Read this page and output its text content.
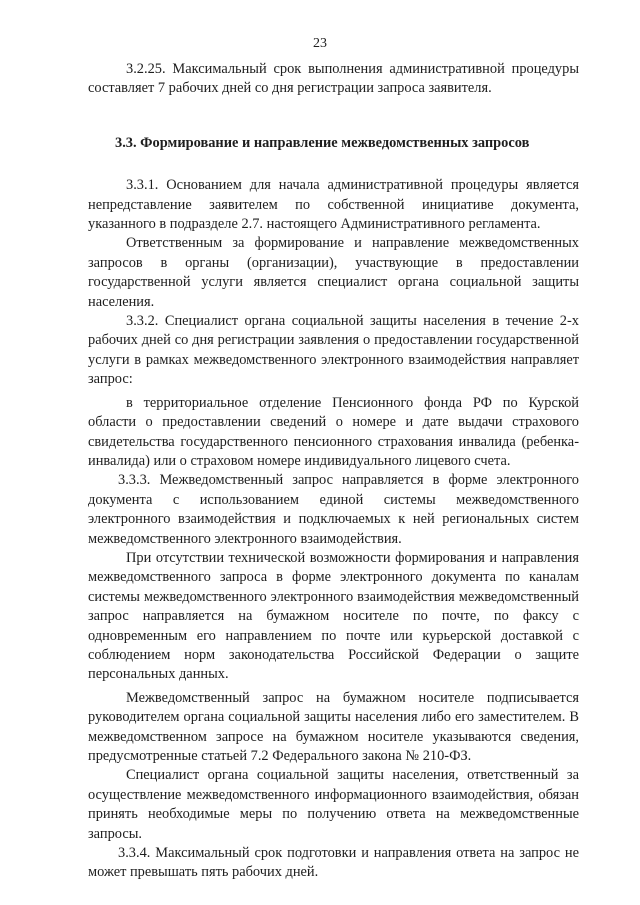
23

3.2.25. Максимальный срок выполнения административной процедуры составляет 7 рабочих дней со дня регистрации запроса заявителя.

3.3. Формирование и направление межведомственных запросов

3.3.1. Основанием для начала административной процедуры является непредставление заявителем по собственной инициативе документа, указанного в подразделе 2.7. настоящего Административного регламента.

Ответственным за формирование и направление межведомственных запросов в органы (организации), участвующие в предоставлении государственной услуги является специалист органа социальной защиты населения.

3.3.2. Специалист органа социальной защиты населения в течение 2-х рабочих дней со дня регистрации заявления о предоставлении государственной услуги в рамках межведомственного электронного взаимодействия направляет запрос:

в территориальное отделение Пенсионного фонда РФ по Курской области о предоставлении сведений о номере и дате выдачи страхового свидетельства государственного пенсионного страхования инвалида (ребенка-инвалида) или о страховом номере индивидуального лицевого счета.

3.3.3. Межведомственный запрос направляется в форме электронного документа с использованием единой системы межведомственного электронного взаимодействия и подключаемых к ней региональных систем межведомственного электронного взаимодействия.

При отсутствии технической возможности формирования и направления межведомственного запроса в форме электронного документа по каналам системы межведомственного электронного взаимодействия межведомственный запрос направляется на бумажном носителе по почте, по факсу с одновременным его направлением по почте или курьерской доставкой с соблюдением норм законодательства Российской Федерации о защите персональных данных.

Межведомственный запрос на бумажном носителе подписывается руководителем органа социальной защиты населения либо его заместителем. В межведомственном запросе на бумажном носителе указываются сведения, предусмотренные статьей 7.2 Федерального закона № 210-ФЗ.

Специалист органа социальной защиты населения, ответственный за осуществление межведомственного информационного взаимодействия, обязан принять необходимые меры по получению ответа на межведомственные запросы.

3.3.4. Максимальный срок подготовки и направления ответа на запрос не может превышать пять рабочих дней.
